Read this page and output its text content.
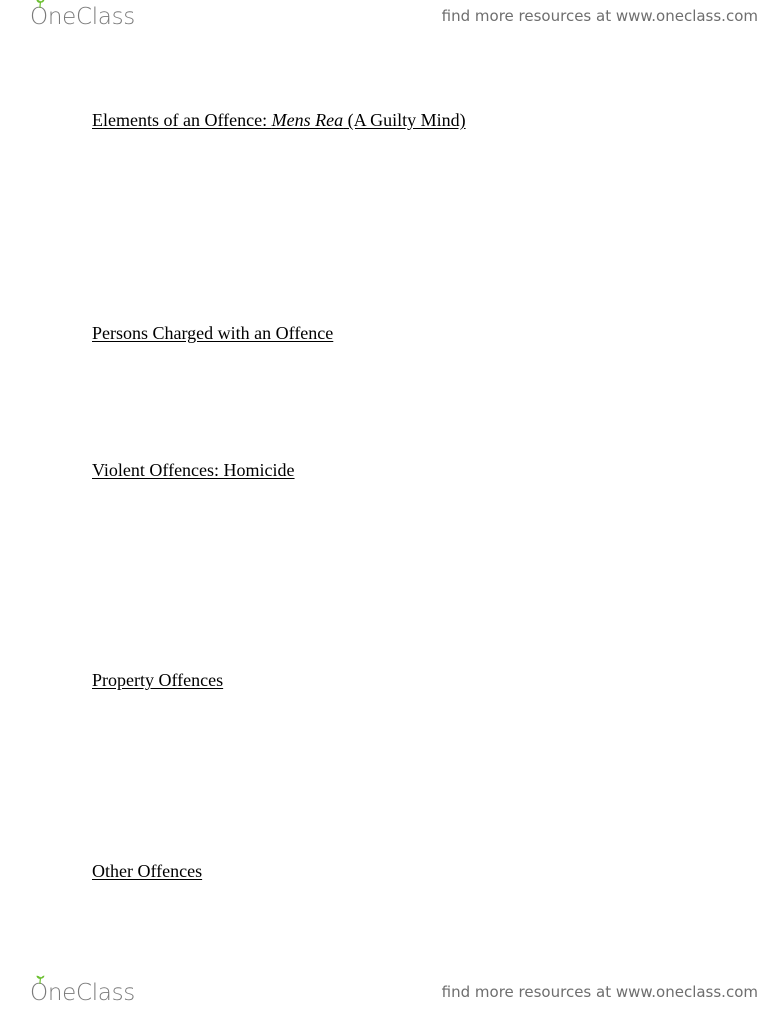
OneClass	find more resources at www.oneclass.com
Elements of an Offence: Mens Rea (A Guilty Mind)
Persons Charged with an Offence
Violent Offences: Homicide
Property Offences
Other Offences
OneClass	find more resources at www.oneclass.com
